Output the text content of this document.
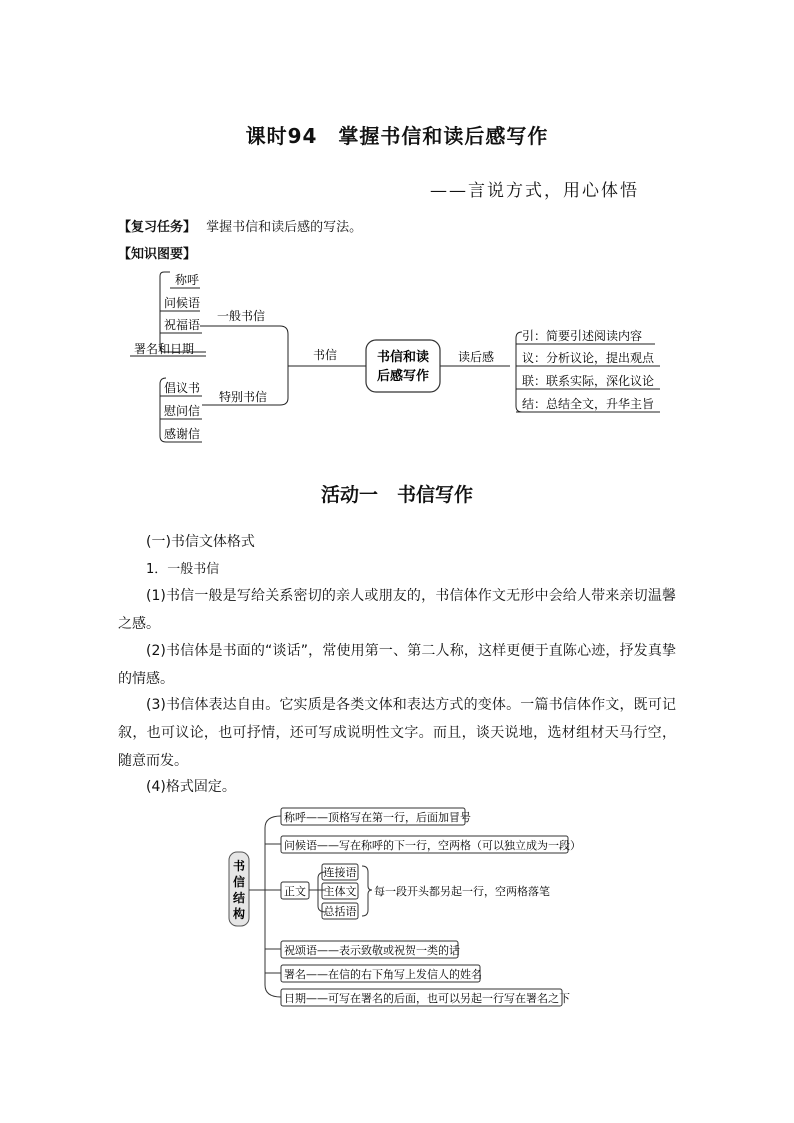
课时94　掌握书信和读后感写作
——言说方式，用心体悟
【复习任务】 掌握书信和读后感的写法。
【知识图要】
书信和读
后感写作
书信	读后感
一般书信
特别书信
称呼
问候语
祝福语
署名和日期
倡议书
慰问信
感谢信
引：简要引述阅读内容
议：分析议论，提出观点
联：联系实际，深化议论
结：总结全文，升华主旨
活动一　书信写作
(一)书信文体格式
1．一般书信
(1)书信一般是写给关系密切的亲人或朋友的，书信体作文无形中会给人带来亲切温馨之感。
(2)书信体是书面的“谈话”，常使用第一、第二人称，这样更便于直陈心迹，抒发真挚的情感。
(3)书信体表达自由。它实质是各类文体和表达方式的变体。一篇书信体作文，既可记叙，也可议论，也可抒情，还可写成说明性文字。而且，谈天说地，选材组材天马行空，随意而发。
(4)格式固定。
书
信
结
构
称呼——顶格写在第一行，后面加冒号
问候语——写在称呼的下一行，空两格（可以独立成为一段）
正文
祝颂语——表示致敬或祝贺一类的话
署名——在信的右下角写上发信人的姓名
日期——可写在署名的后面，也可以另起一行写在署名之下
连接语
主体文
总括语
每一段开头都另起一行，空两格落笔
